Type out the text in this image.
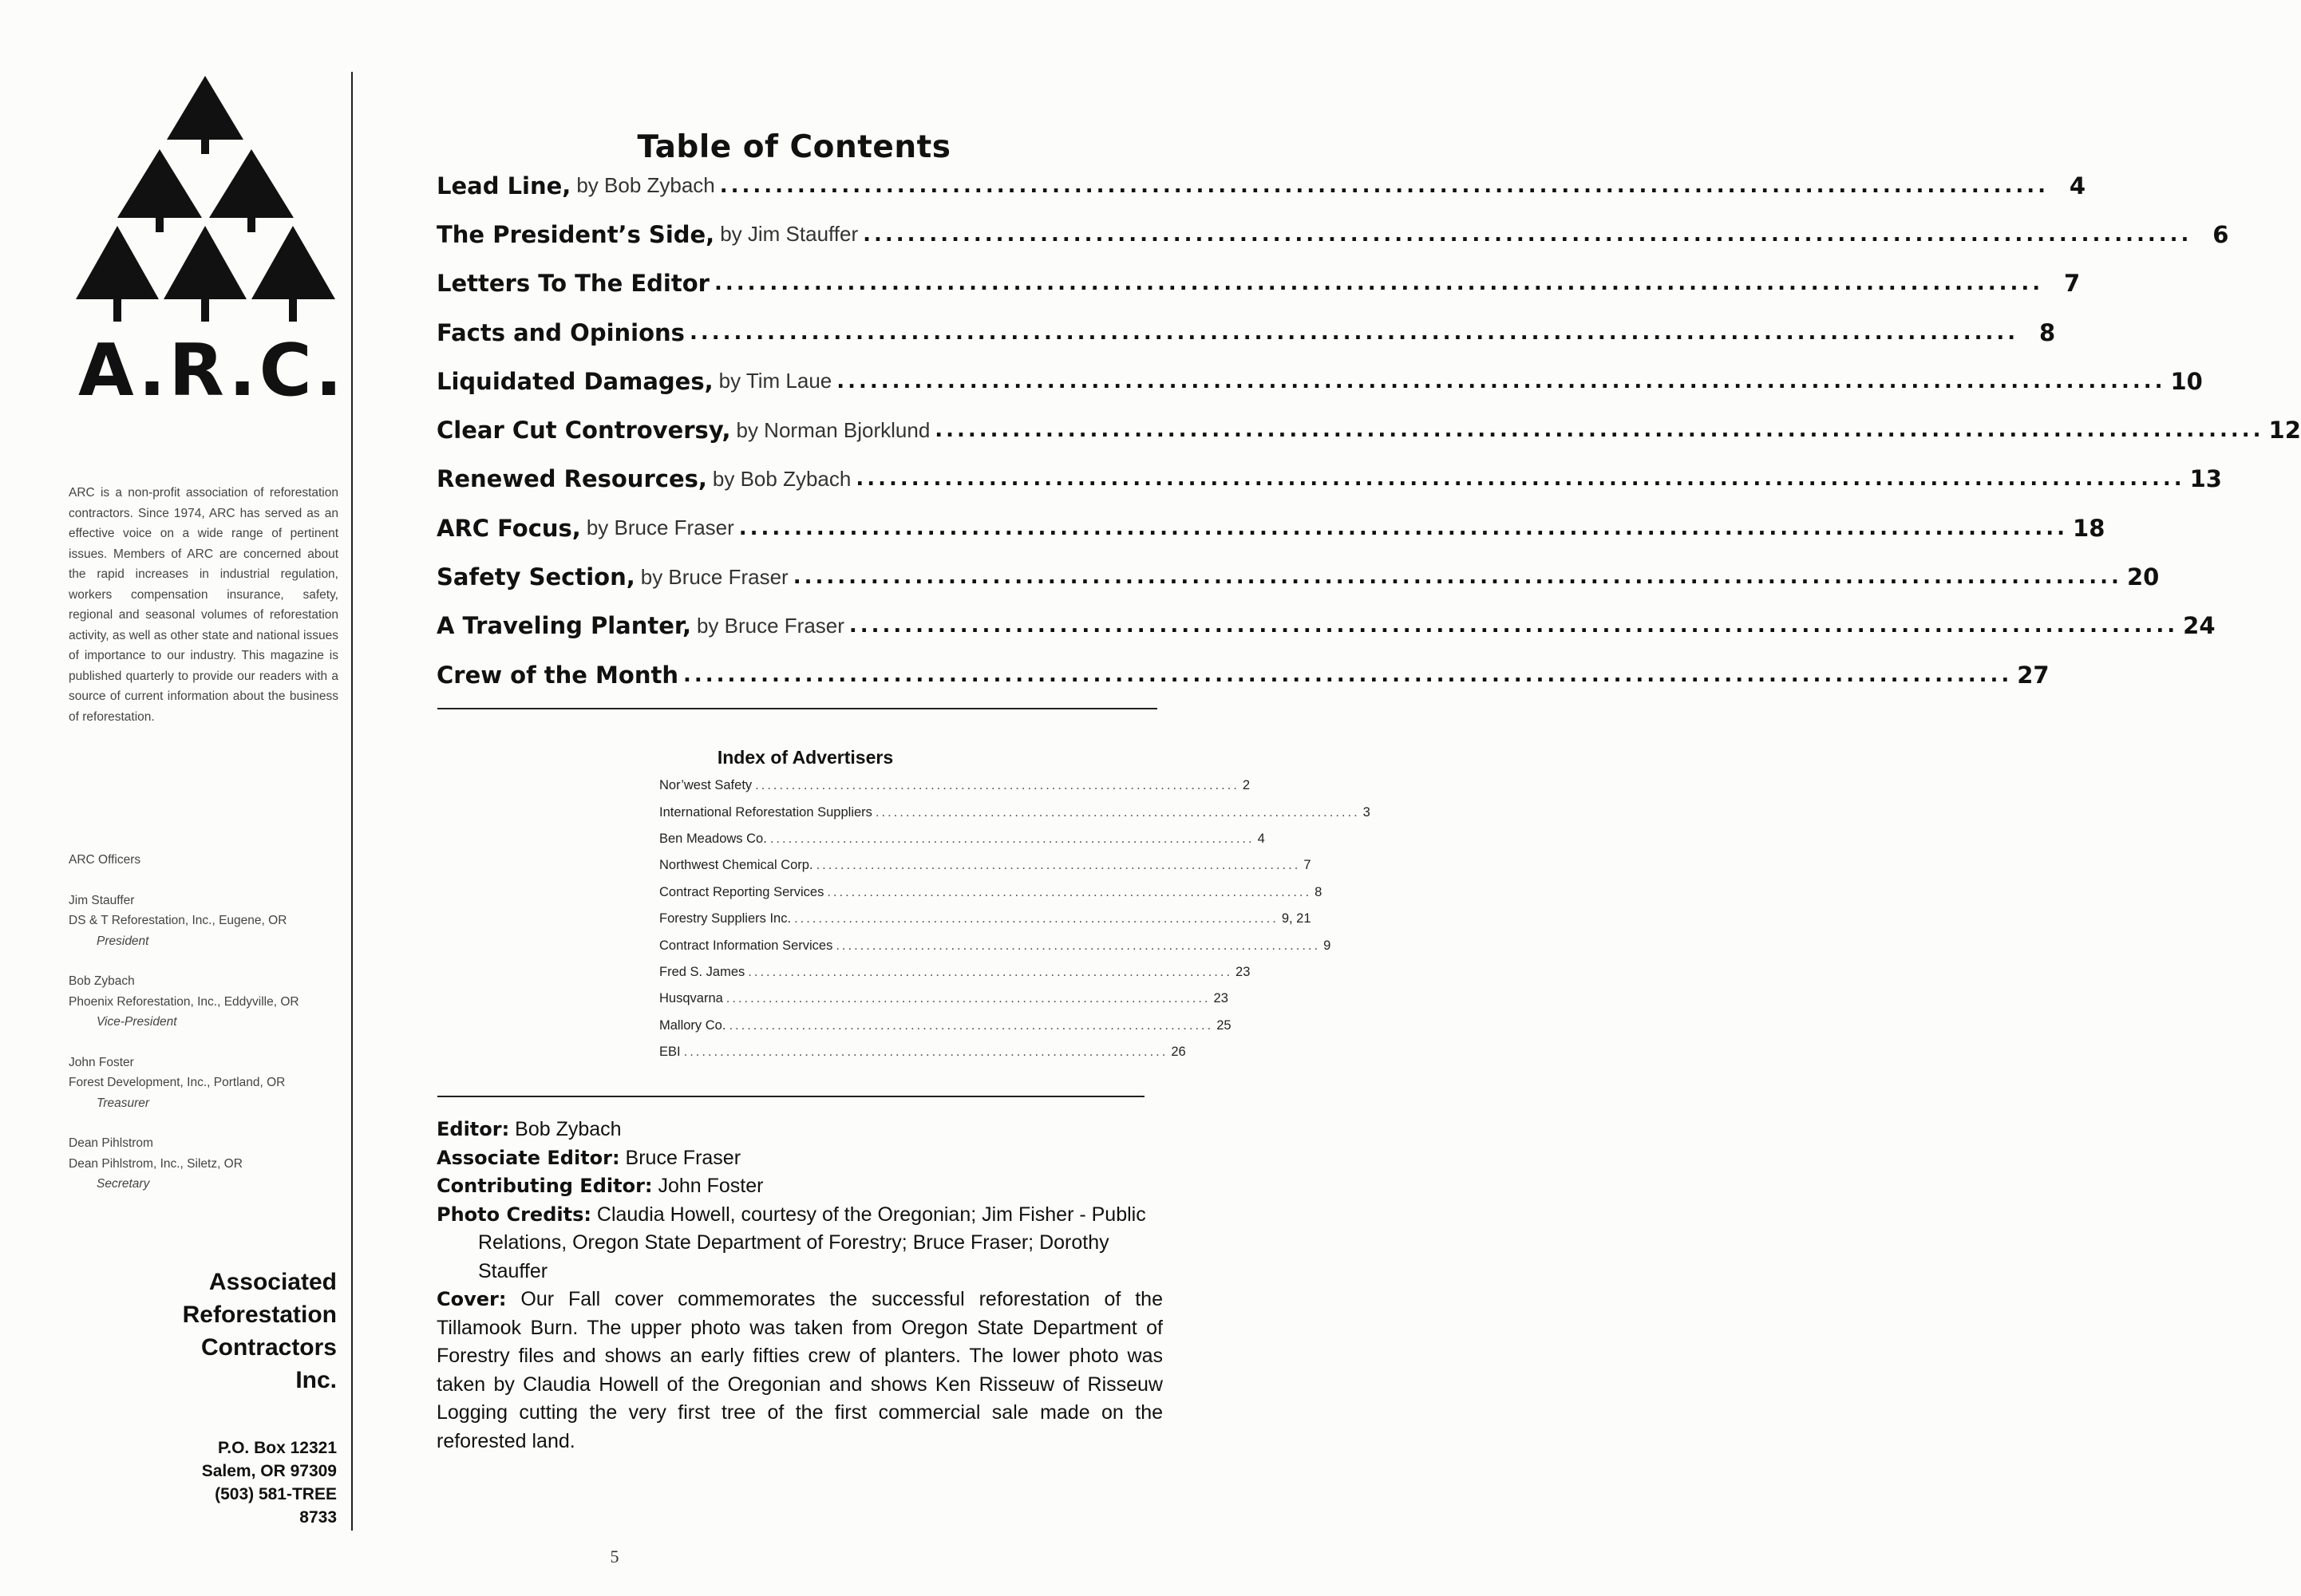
A.R.C.
ARC is a non-profit association of reforestation contractors. Since 1974, ARC has served as an effective voice on a wide range of pertinent issues. Members of ARC are concerned about the rapid increases in industrial regulation, workers compensation insurance, safety, regional and seasonal volumes of reforestation activity, as well as other state and national issues of importance to our industry. This magazine is published quarterly to provide our readers with a source of current information about the business of reforestation.
ARC Officers
Jim Stauffer
DS & T Reforestation, Inc., Eugene, OR
President
Bob Zybach
Phoenix Reforestation, Inc., Eddyville, OR
Vice-President
John Foster
Forest Development, Inc., Portland, OR
Treasurer
Dean Pihlstrom
Dean Pihlstrom, Inc., Siletz, OR
Secretary
Associated
Reforestation
Contractors
Inc.
P.O. Box 12321
Salem, OR 97309
(503) 581-TREE
8733
Table of Contents
Lead Line, by Bob Zybach ........................................................................................................................ 4
The President’s Side, by Jim Stauffer ........................................................................................................................ 6
Letters To The Editor ........................................................................................................................ 7
Facts and Opinions ........................................................................................................................ 8
Liquidated Damages, by Tim Laue ........................................................................................................................ 10
Clear Cut Controversy, by Norman Bjorklund ........................................................................................................................ 12
Renewed Resources, by Bob Zybach ........................................................................................................................ 13
ARC Focus, by Bruce Fraser ........................................................................................................................ 18
Safety Section, by Bruce Fraser ........................................................................................................................ 20
A Traveling Planter, by Bruce Fraser ........................................................................................................................ 24
Crew of the Month ........................................................................................................................ 27
Index of Advertisers
Nor’west Safety ................................................................................ 2
International Reforestation Suppliers ................................................................................ 3
Ben Meadows Co. ................................................................................ 4
Northwest Chemical Corp. ................................................................................ 7
Contract Reporting Services ................................................................................ 8
Forestry Suppliers Inc. ................................................................................ 9, 21
Contract Information Services ................................................................................ 9
Fred S. James ................................................................................ 23
Husqvarna ................................................................................ 23
Mallory Co. ................................................................................ 25
EBI ................................................................................ 26

Editor: Bob Zybach

Associate Editor: Bruce Fraser

Contributing Editor: John Foster

Photo Credits: Claudia Howell, courtesy of the Oregonian; Jim Fisher - Public Relations, Oregon State Department of Forestry; Bruce Fraser; Dorothy Stauffer

Cover: Our Fall cover commemorates the successful reforestation of the Tillamook Burn. The upper photo was taken from Oregon State Department of Forestry files and shows an early fifties crew of planters. The lower photo was taken by Claudia Howell of the Oregonian and shows Ken Risseuw of Risseuw Logging cutting the very first tree of the first commercial sale made on the reforested land.

5
